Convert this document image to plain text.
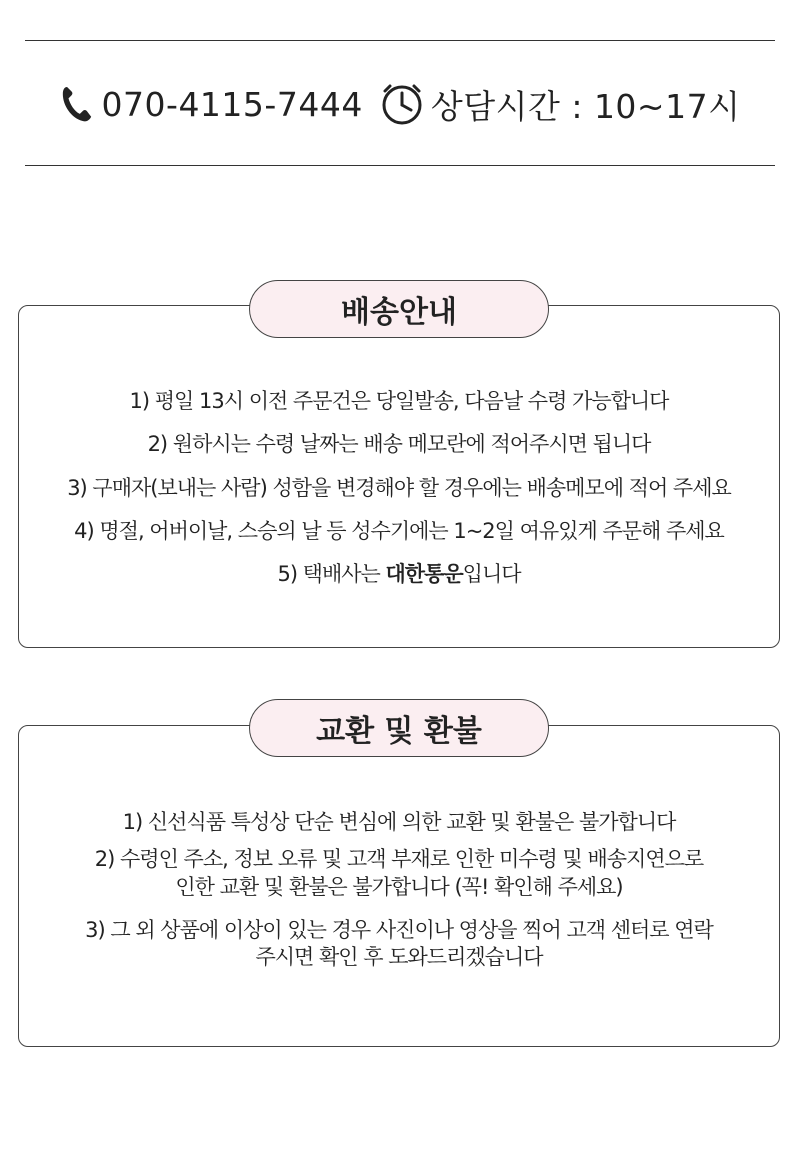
070-4115-7444 상담시간 : 10~17시
배송안내
1) 평일 13시 이전 주문건은 당일발송, 다음날 수령 가능합니다
2) 원하시는 수령 날짜는 배송 메모란에 적어주시면 됩니다
3) 구매자(보내는 사람) 성함을 변경해야 할 경우에는 배송메모에 적어 주세요
4) 명절, 어버이날, 스승의 날 등 성수기에는 1~2일 여유있게 주문해 주세요
5) 택배사는 대한통운입니다
교환 및 환불
1) 신선식품 특성상 단순 변심에 의한 교환 및 환불은 불가합니다
2) 수령인 주소, 정보 오류 및 고객 부재로 인한 미수령 및 배송지연으로
인한 교환 및 환불은 불가합니다 (꼭! 확인해 주세요)
3) 그 외 상품에 이상이 있는 경우 사진이나 영상을 찍어 고객 센터로 연락
주시면 확인 후 도와드리겠습니다
